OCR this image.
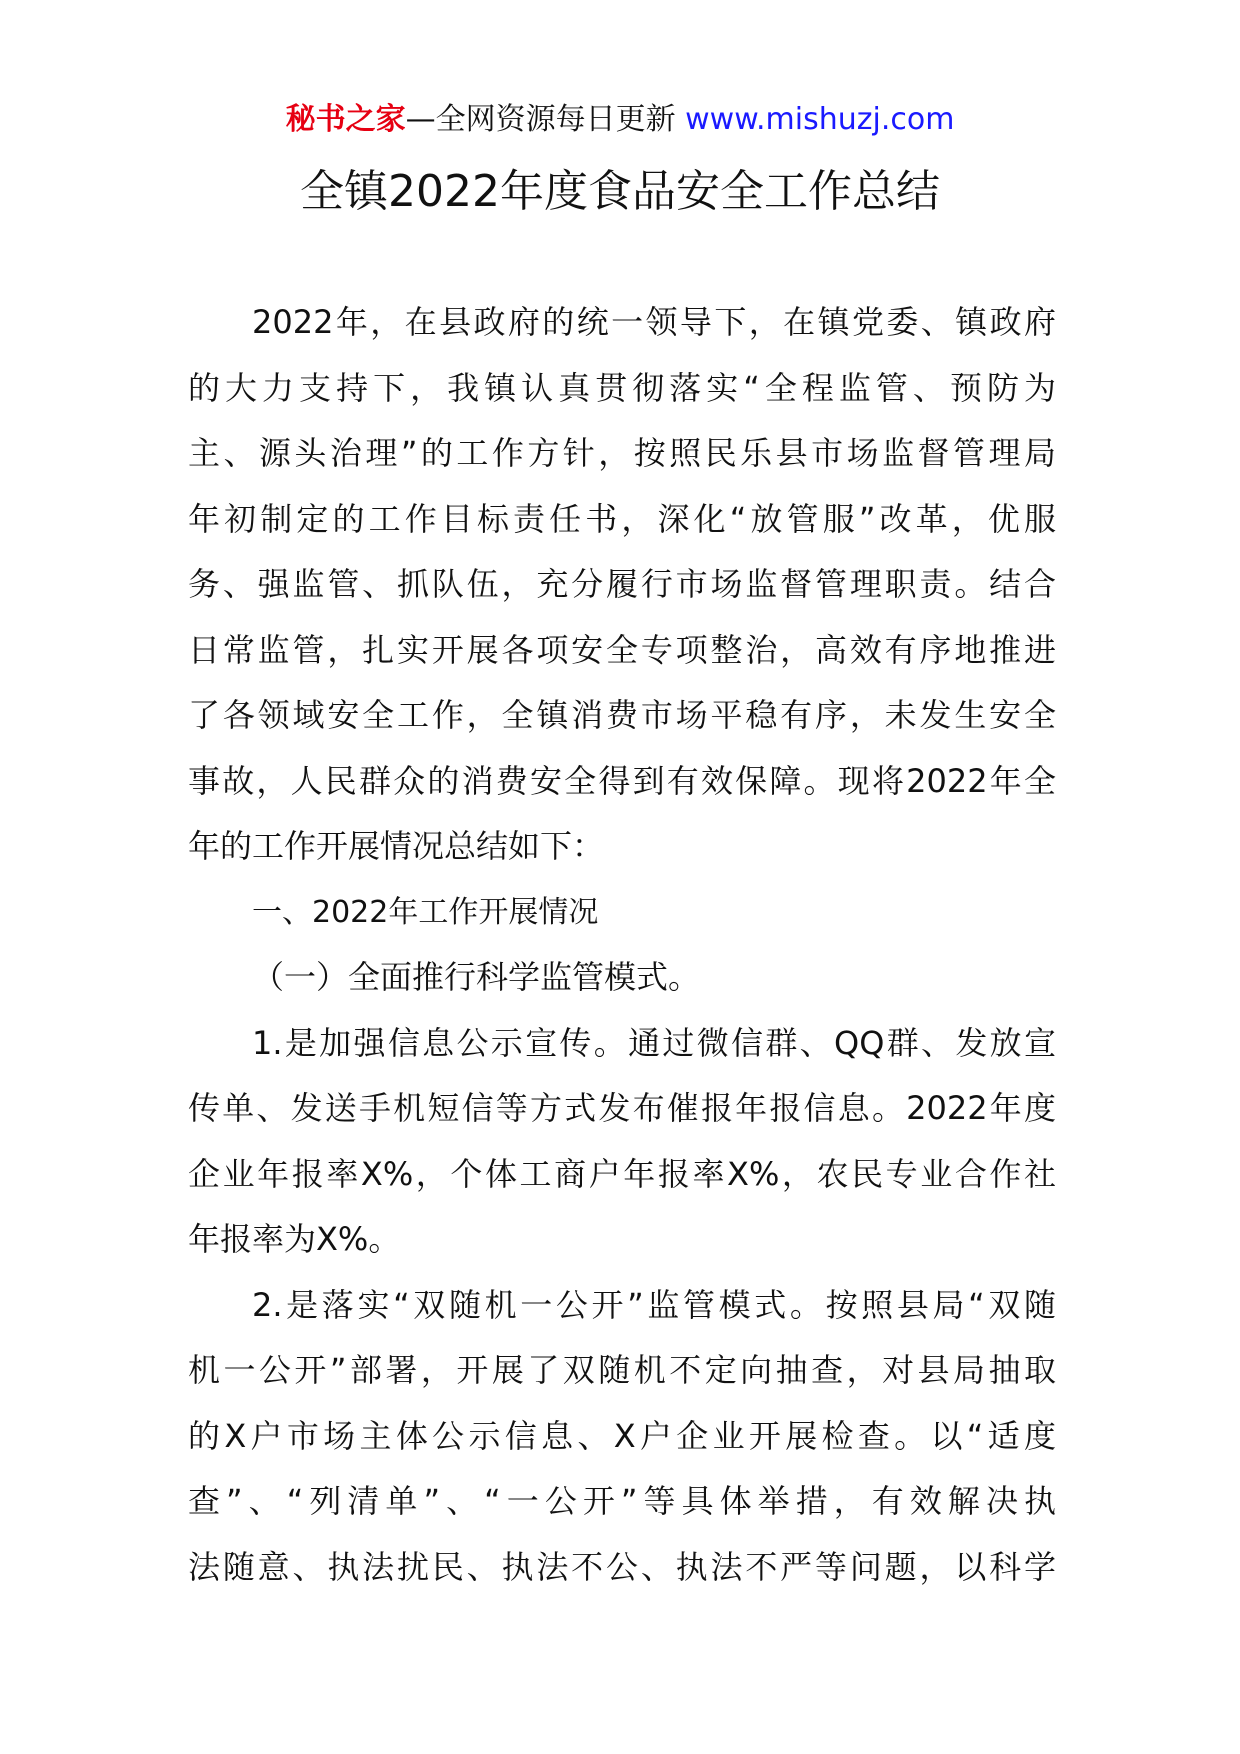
秘书之家—全网资源每日更新 www.mishuzj.com
全镇2022年度食品安全工作总结
2022年，在县政府的统一领导下，在镇党委、镇政府
的大力支持下，我镇认真贯彻落实“全程监管、预防为
主、源头治理”的工作方针，按照民乐县市场监督管理局
年初制定的工作目标责任书，深化“放管服”改革，优服
务、强监管、抓队伍，充分履行市场监督管理职责。结合
日常监管，扎实开展各项安全专项整治，高效有序地推进
了各领域安全工作，全镇消费市场平稳有序，未发生安全
事故，人民群众的消费安全得到有效保障。现将2022年全
年的工作开展情况总结如下：
一、2022年工作开展情况
（一）全面推行科学监管模式。
1.是加强信息公示宣传。通过微信群、QQ群、发放宣
传单、发送手机短信等方式发布催报年报信息。2022年度
企业年报率X%，个体工商户年报率X%，农民专业合作社
年报率为X%。
2.是落实“双随机一公开”监管模式。按照县局“双随
机一公开”部署，开展了双随机不定向抽查，对县局抽取
的X户市场主体公示信息、X户企业开展检查。以“适度
查”、“列清单”、“一公开”等具体举措，有效解决执
法随意、执法扰民、执法不公、执法不严等问题，以科学
